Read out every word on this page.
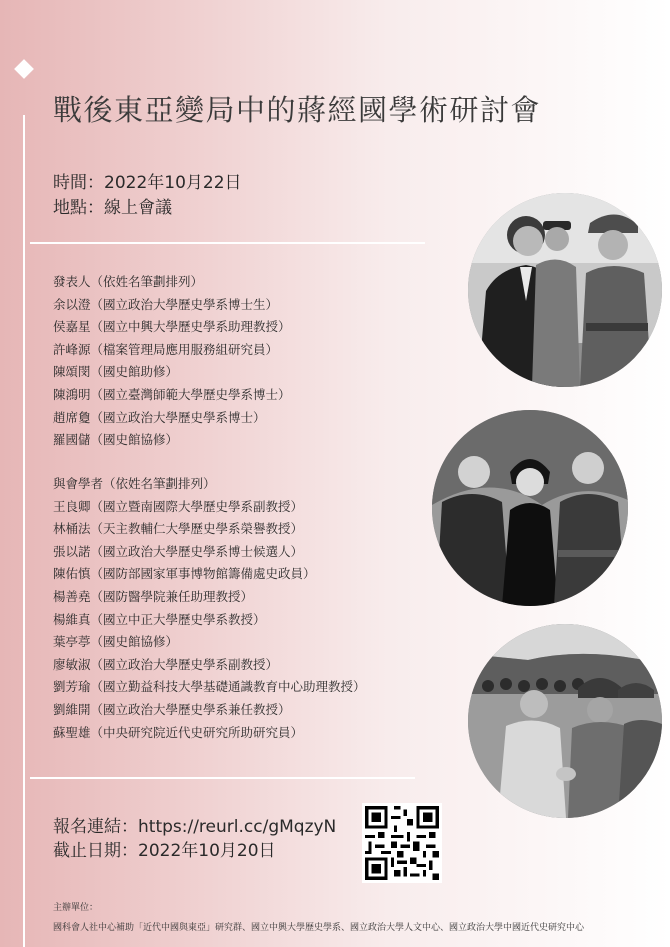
戰後東亞變局中的蔣經國學術研討會
時間：2022年10月22日
地點：線上會議
發表人（依姓名筆劃排列）
余以澄（國立政治大學歷史學系博士生）
侯嘉星（國立中興大學歷史學系助理教授）
許峰源（檔案管理局應用服務組研究員）
陳頌閔（國史館助修）
陳鴻明（國立臺灣師範大學歷史學系博士）
趙席敻（國立政治大學歷史學系博士）
羅國儲（國史館協修）
與會學者（依姓名筆劃排列）
王良卿（國立暨南國際大學歷史學系副教授）
林桶法（天主教輔仁大學歷史學系榮譽教授）
張以諾（國立政治大學歷史學系博士候選人）
陳佑慎（國防部國家軍事博物館籌備處史政員）
楊善堯（國防醫學院兼任助理教授）
楊維真（國立中正大學歷史學系教授）
葉亭葶（國史館協修）
廖敏淑（國立政治大學歷史學系副教授）
劉芳瑜（國立勤益科技大學基礎通識教育中心助理教授）
劉維開（國立政治大學歷史學系兼任教授）
蘇聖雄（中央研究院近代史研究所助研究員）
報名連結：https://reurl.cc/gMqzyN
截止日期：2022年10月20日
主辦單位：
國科會人社中心補助「近代中國與東亞」研究群、國立中興大學歷史學系、國立政治大學人文中心、國立政治大學中國近代史研究中心
